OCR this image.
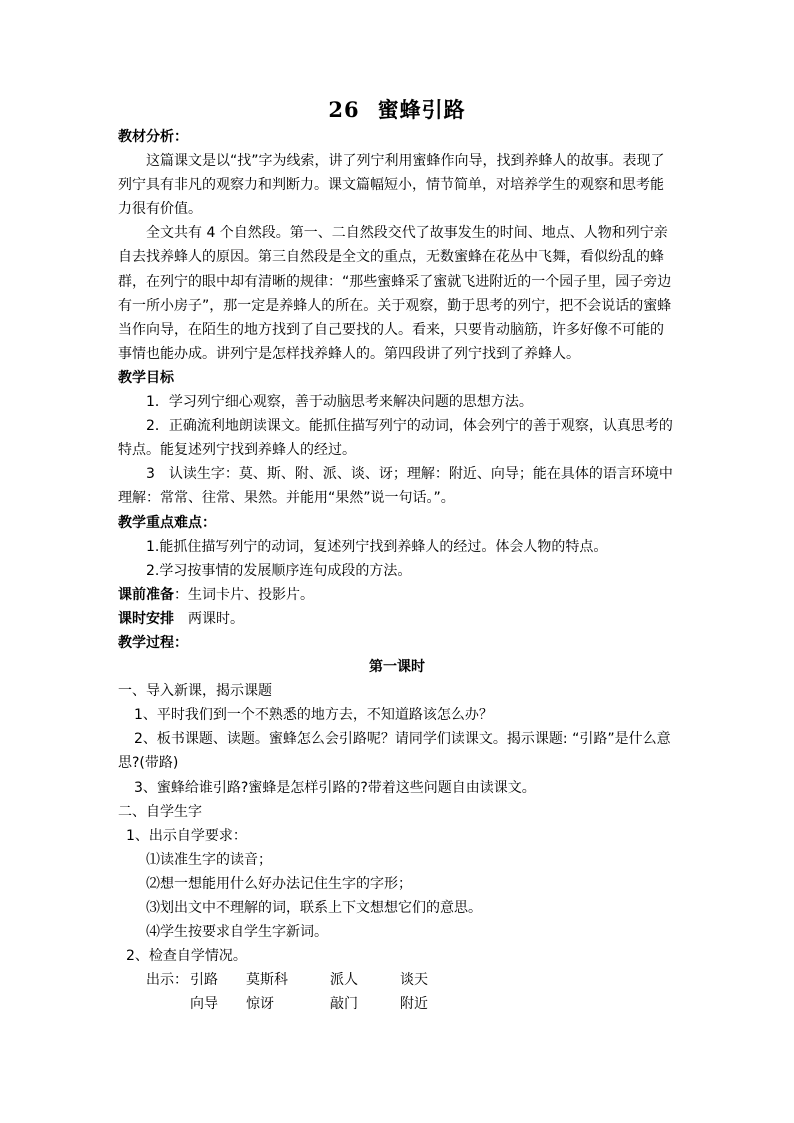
26 蜜蜂引路

教材分析：

这篇课文是以“找”字为线索，讲了列宁利用蜜蜂作向导，找到养蜂人的故事。表现了列宁具有非凡的观察力和判断力。课文篇幅短小，情节简单，对培养学生的观察和思考能力很有价值。

全文共有 4 个自然段。第一、二自然段交代了故事发生的时间、地点、人物和列宁亲自去找养蜂人的原因。第三自然段是全文的重点，无数蜜蜂在花丛中飞舞，看似纷乱的蜂群，在列宁的眼中却有清晰的规律：“那些蜜蜂采了蜜就飞进附近的一个园子里，园子旁边有一所小房子”，那一定是养蜂人的所在。关于观察，勤于思考的列宁，把不会说话的蜜蜂当作向导，在陌生的地方找到了自己要找的人。看来，只要肯动脑筋，许多好像不可能的事情也能办成。讲列宁是怎样找养蜂人的。第四段讲了列宁找到了养蜂人。

教学目标

1．学习列宁细心观察，善于动脑思考来解决问题的思想方法。

2．正确流利地朗读课文。能抓住描写列宁的动词，体会列宁的善于观察，认真思考的特点。能复述列宁找到养蜂人的经过。

3　认读生字：莫、斯、附、派、谈、讶；理解：附近、向导；能在具体的语言环境中理解：常常、往常、果然。并能用“果然”说一句话。”。

教学重点难点：

1.能抓住描写列宁的动词，复述列宁找到养蜂人的经过。体会人物的特点。

2.学习按事情的发展顺序连句成段的方法。

课前准备：生词卡片、投影片。

课时安排　两课时。

教学过程：

第一课时

一、导入新课，揭示课题

1、平时我们到一个不熟悉的地方去，不知道路该怎么办？

2、板书课题、读题。蜜蜂怎么会引路呢？请同学们读课文。揭示课题: “引路”是什么意思?(带路)

3、蜜蜂给谁引路?蜜蜂是怎样引路的?带着这些问题自由读课文。

二、自学生字

1、出示自学要求：

⑴读准生字的读音；

⑵想一想能用什么好办法记住生字的字形；

⑶划出文中不理解的词，联系上下文想想它们的意思。

⑷学生按要求自学生字新词。

2、检查自学情况。

出示： 引路	莫斯科	派人	谈天
向导	惊讶	敲门	附近
